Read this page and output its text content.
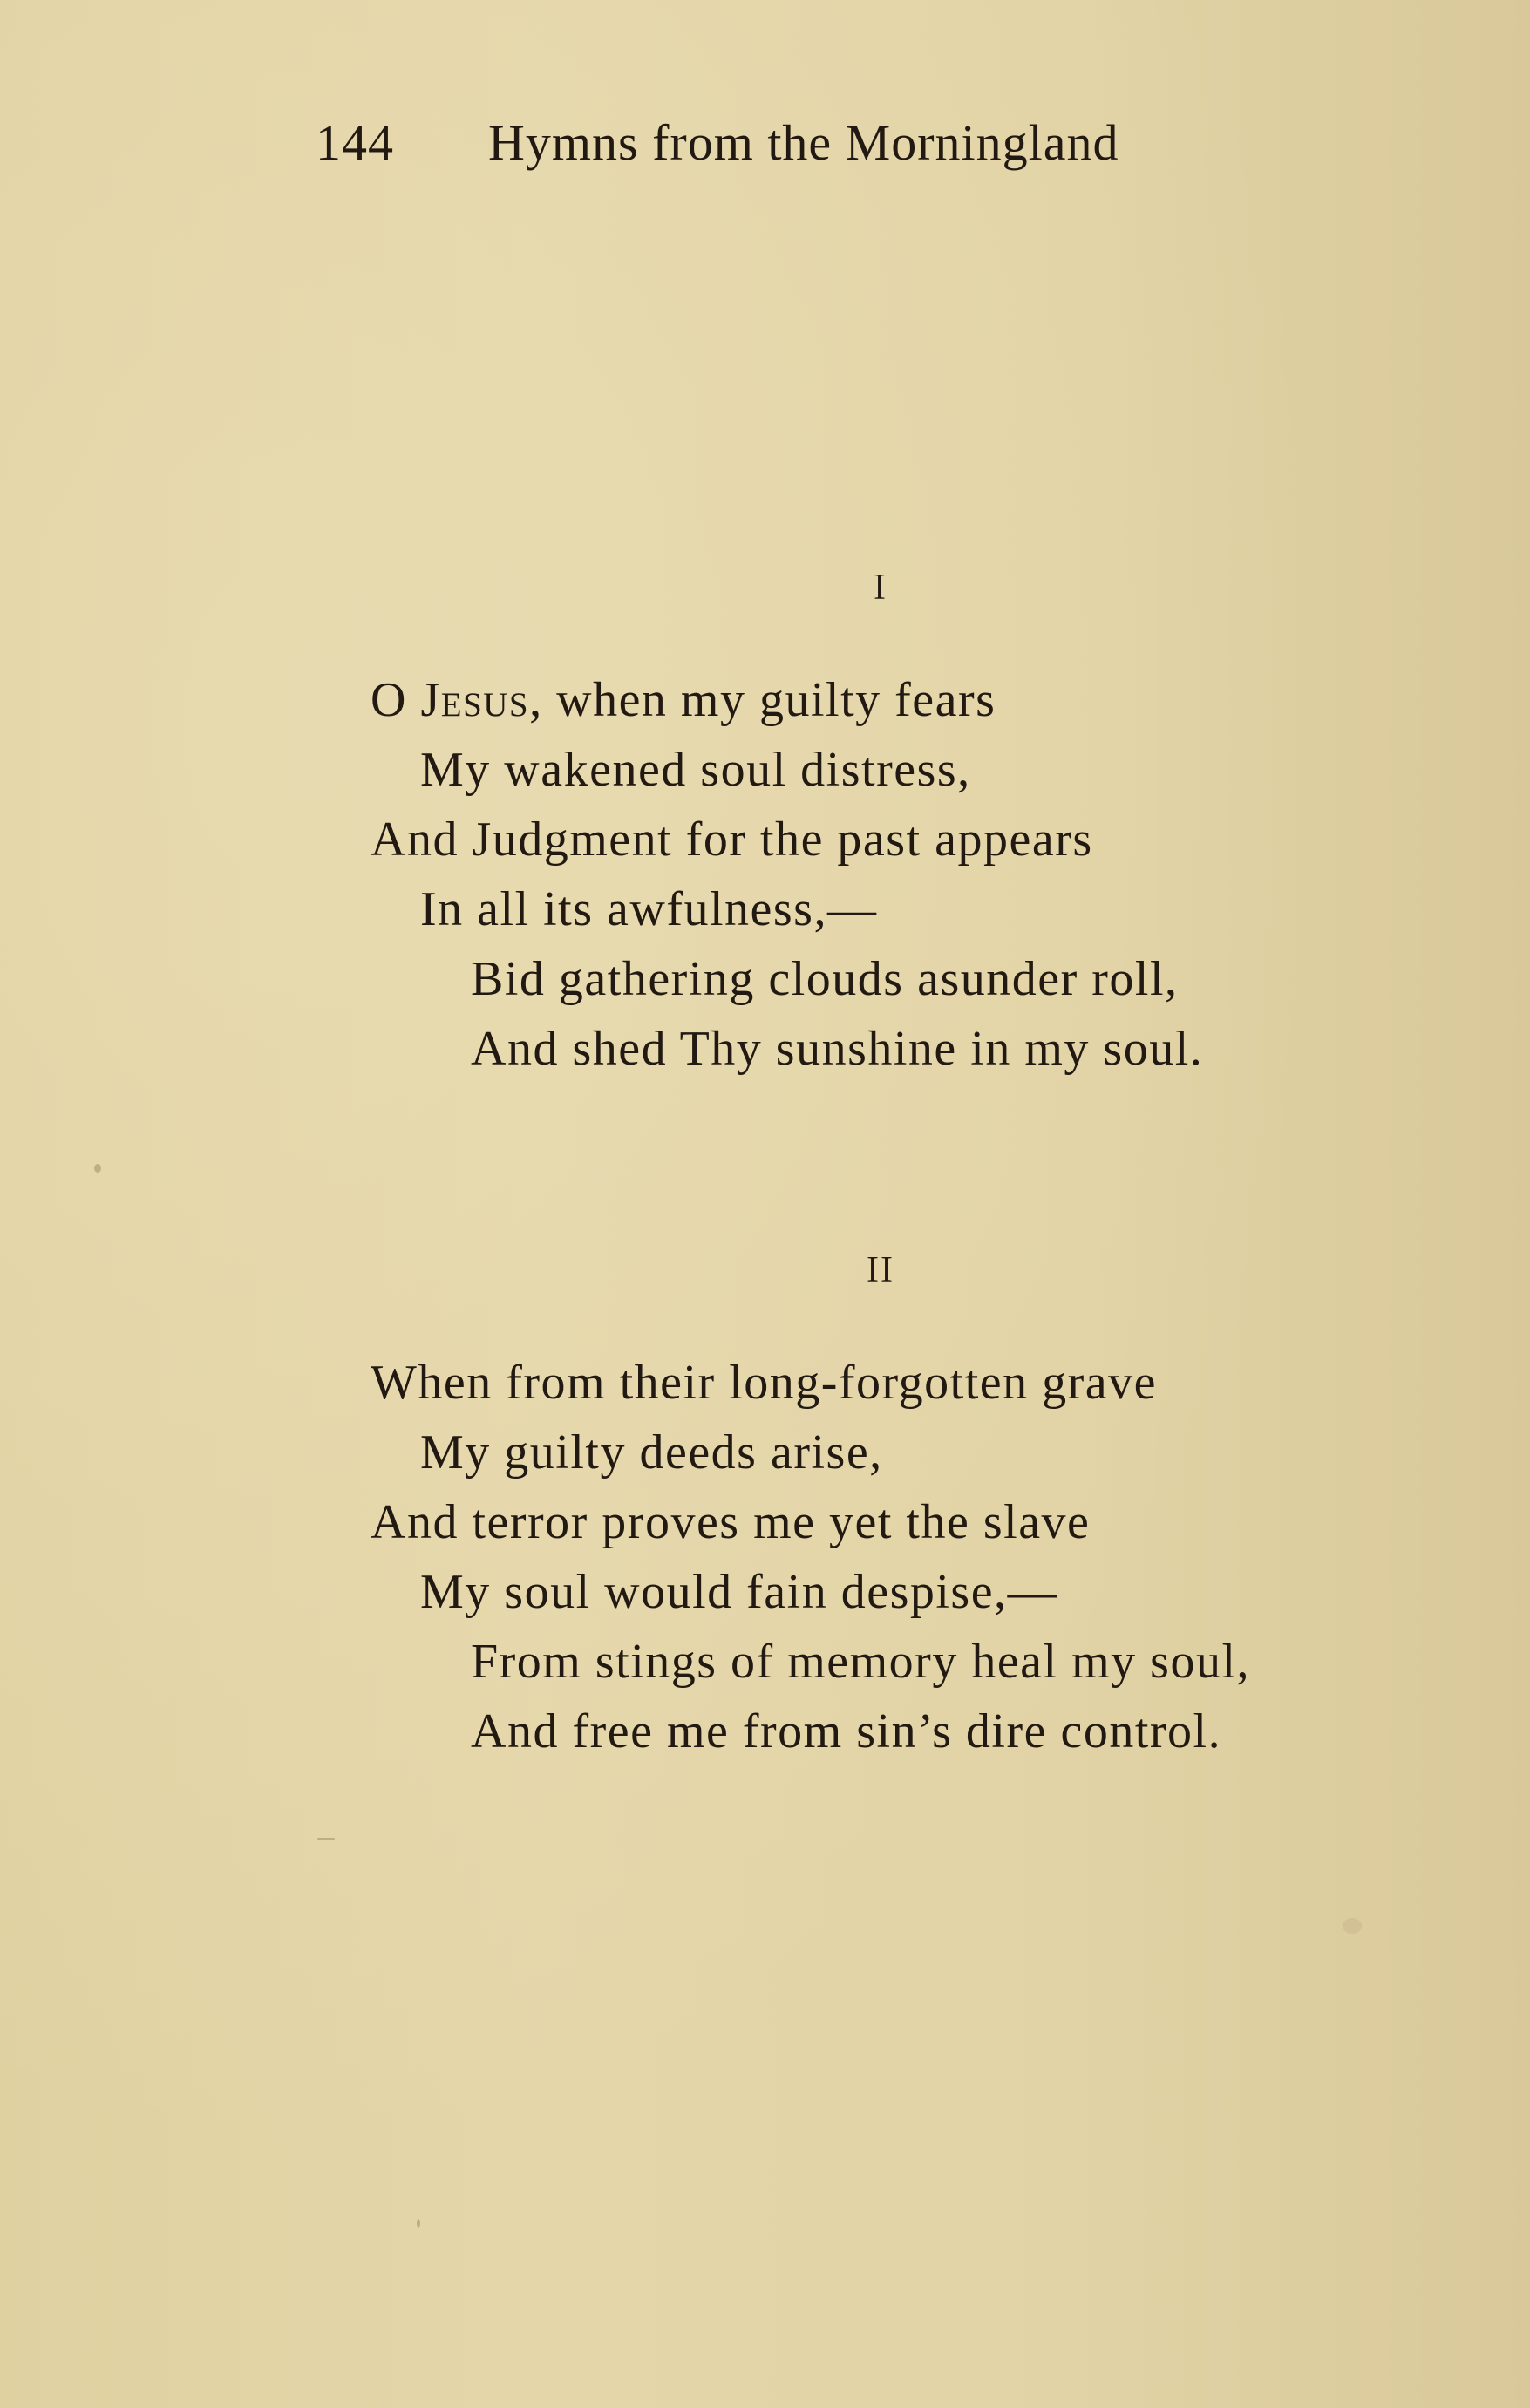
144 Hymns from the Morningland
I
O Jesus, when my guilty fears
My wakened soul distress,
And Judgment for the past appears
In all its awfulness,—
Bid gathering clouds asunder roll,
And shed Thy sunshine in my soul.
II
When from their long-forgotten grave
My guilty deeds arise,
And terror proves me yet the slave
My soul would fain despise,—
From stings of memory heal my soul,
And free me from sin’s dire control.
